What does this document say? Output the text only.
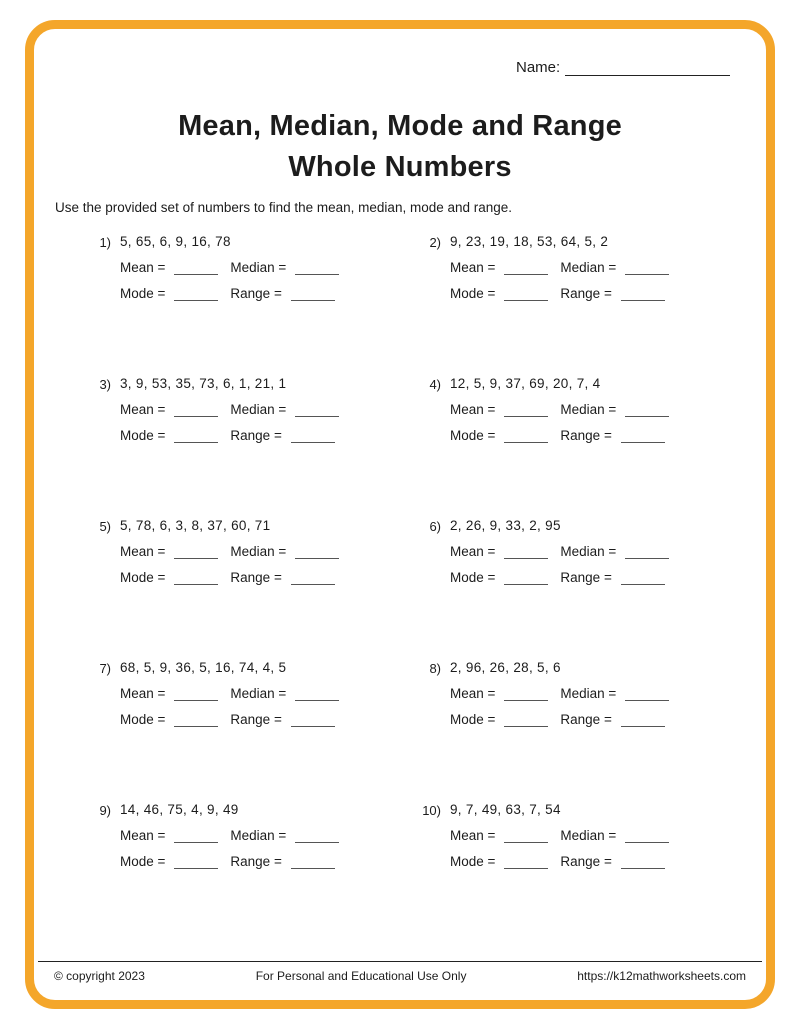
Name:
Mean, Median, Mode and Range
Whole Numbers
Use the provided set of numbers to find the mean, median, mode and range.
1) 5, 65, 6, 9, 16, 78
Mean =	Median =
Mode =	Range =
2) 9, 23, 19, 18, 53, 64, 5, 2
Mean =	Median =
Mode =	Range =
3) 3, 9, 53, 35, 73, 6, 1, 21, 1
Mean =	Median =
Mode =	Range =
4) 12, 5, 9, 37, 69, 20, 7, 4
Mean =	Median =
Mode =	Range =
5) 5, 78, 6, 3, 8, 37, 60, 71
Mean =	Median =
Mode =	Range =
6) 2, 26, 9, 33, 2, 95
Mean =	Median =
Mode =	Range =
7) 68, 5, 9, 36, 5, 16, 74, 4, 5
Mean =	Median =
Mode =	Range =
8) 2, 96, 26, 28, 5, 6
Mean =	Median =
Mode =	Range =
9) 14, 46, 75, 4, 9, 49
Mean =	Median =
Mode =	Range =
10) 9, 7, 49, 63, 7, 54
Mean =	Median =
Mode =	Range =
© copyright 2023	For Personal and Educational Use Only	https://k12mathworksheets.com
